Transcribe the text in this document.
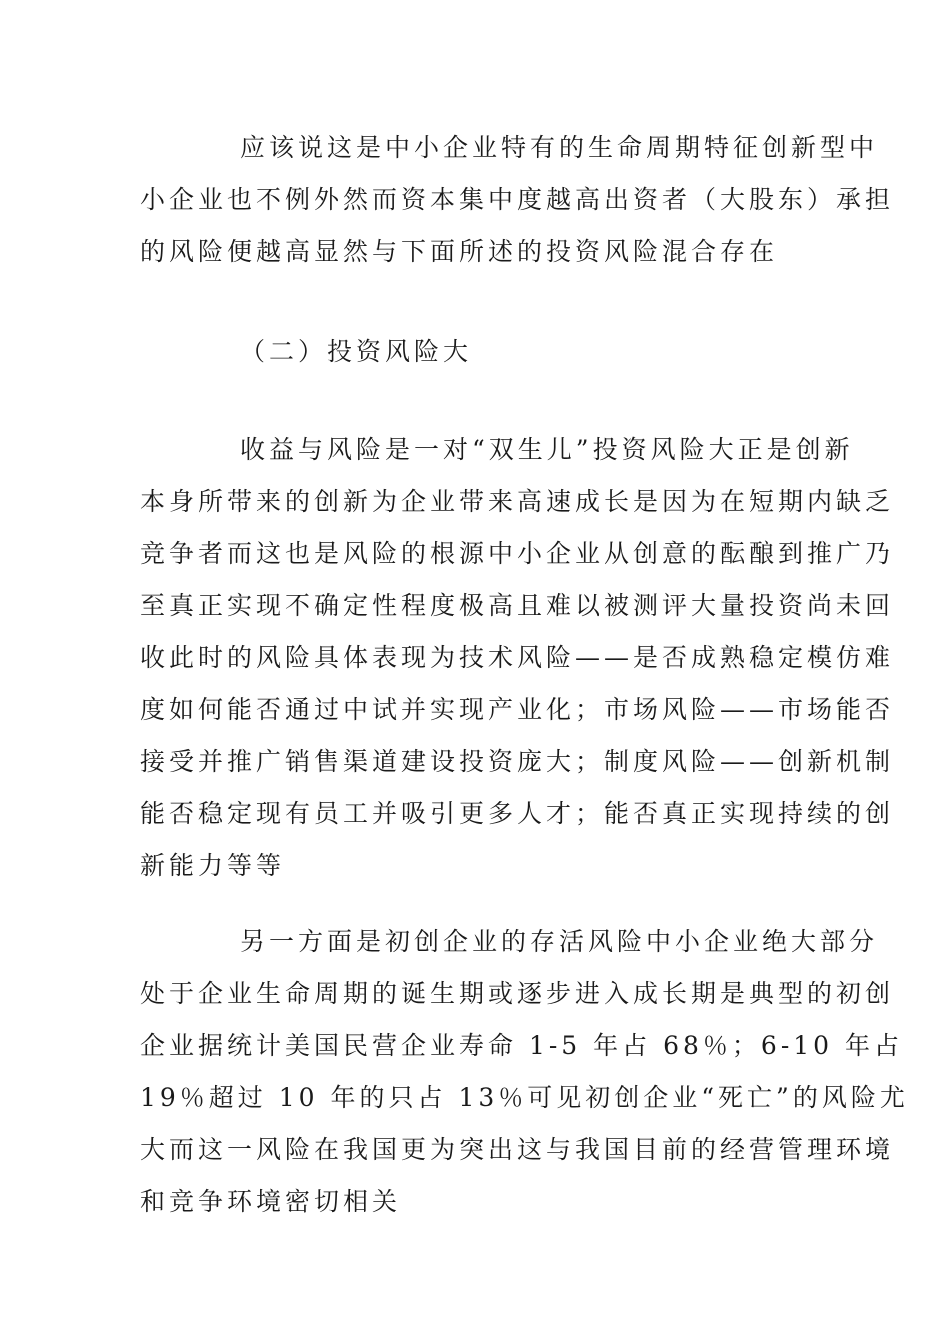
应该说这是中小企业特有的生命周期特征创新型中
小企业也不例外然而资本集中度越高出资者（大股东）承担
的风险便越高显然与下面所述的投资风险混合存在
（二）投资风险大
收益与风险是一对“双生儿”投资风险大正是创新
本身所带来的创新为企业带来高速成长是因为在短期内缺乏
竞争者而这也是风险的根源中小企业从创意的酝酿到推广乃
至真正实现不确定性程度极高且难以被测评大量投资尚未回
收此时的风险具体表现为技术风险——是否成熟稳定模仿难
度如何能否通过中试并实现产业化；市场风险——市场能否
接受并推广销售渠道建设投资庞大；制度风险——创新机制
能否稳定现有员工并吸引更多人才；能否真正实现持续的创
新能力等等
另一方面是初创企业的存活风险中小企业绝大部分
处于企业生命周期的诞生期或逐步进入成长期是典型的初创
企业据统计美国民营企业寿命 1-5 年占 68％；6-10 年占
19％超过 10 年的只占 13％可见初创企业“死亡”的风险尤
大而这一风险在我国更为突出这与我国目前的经营管理环境
和竞争环境密切相关
